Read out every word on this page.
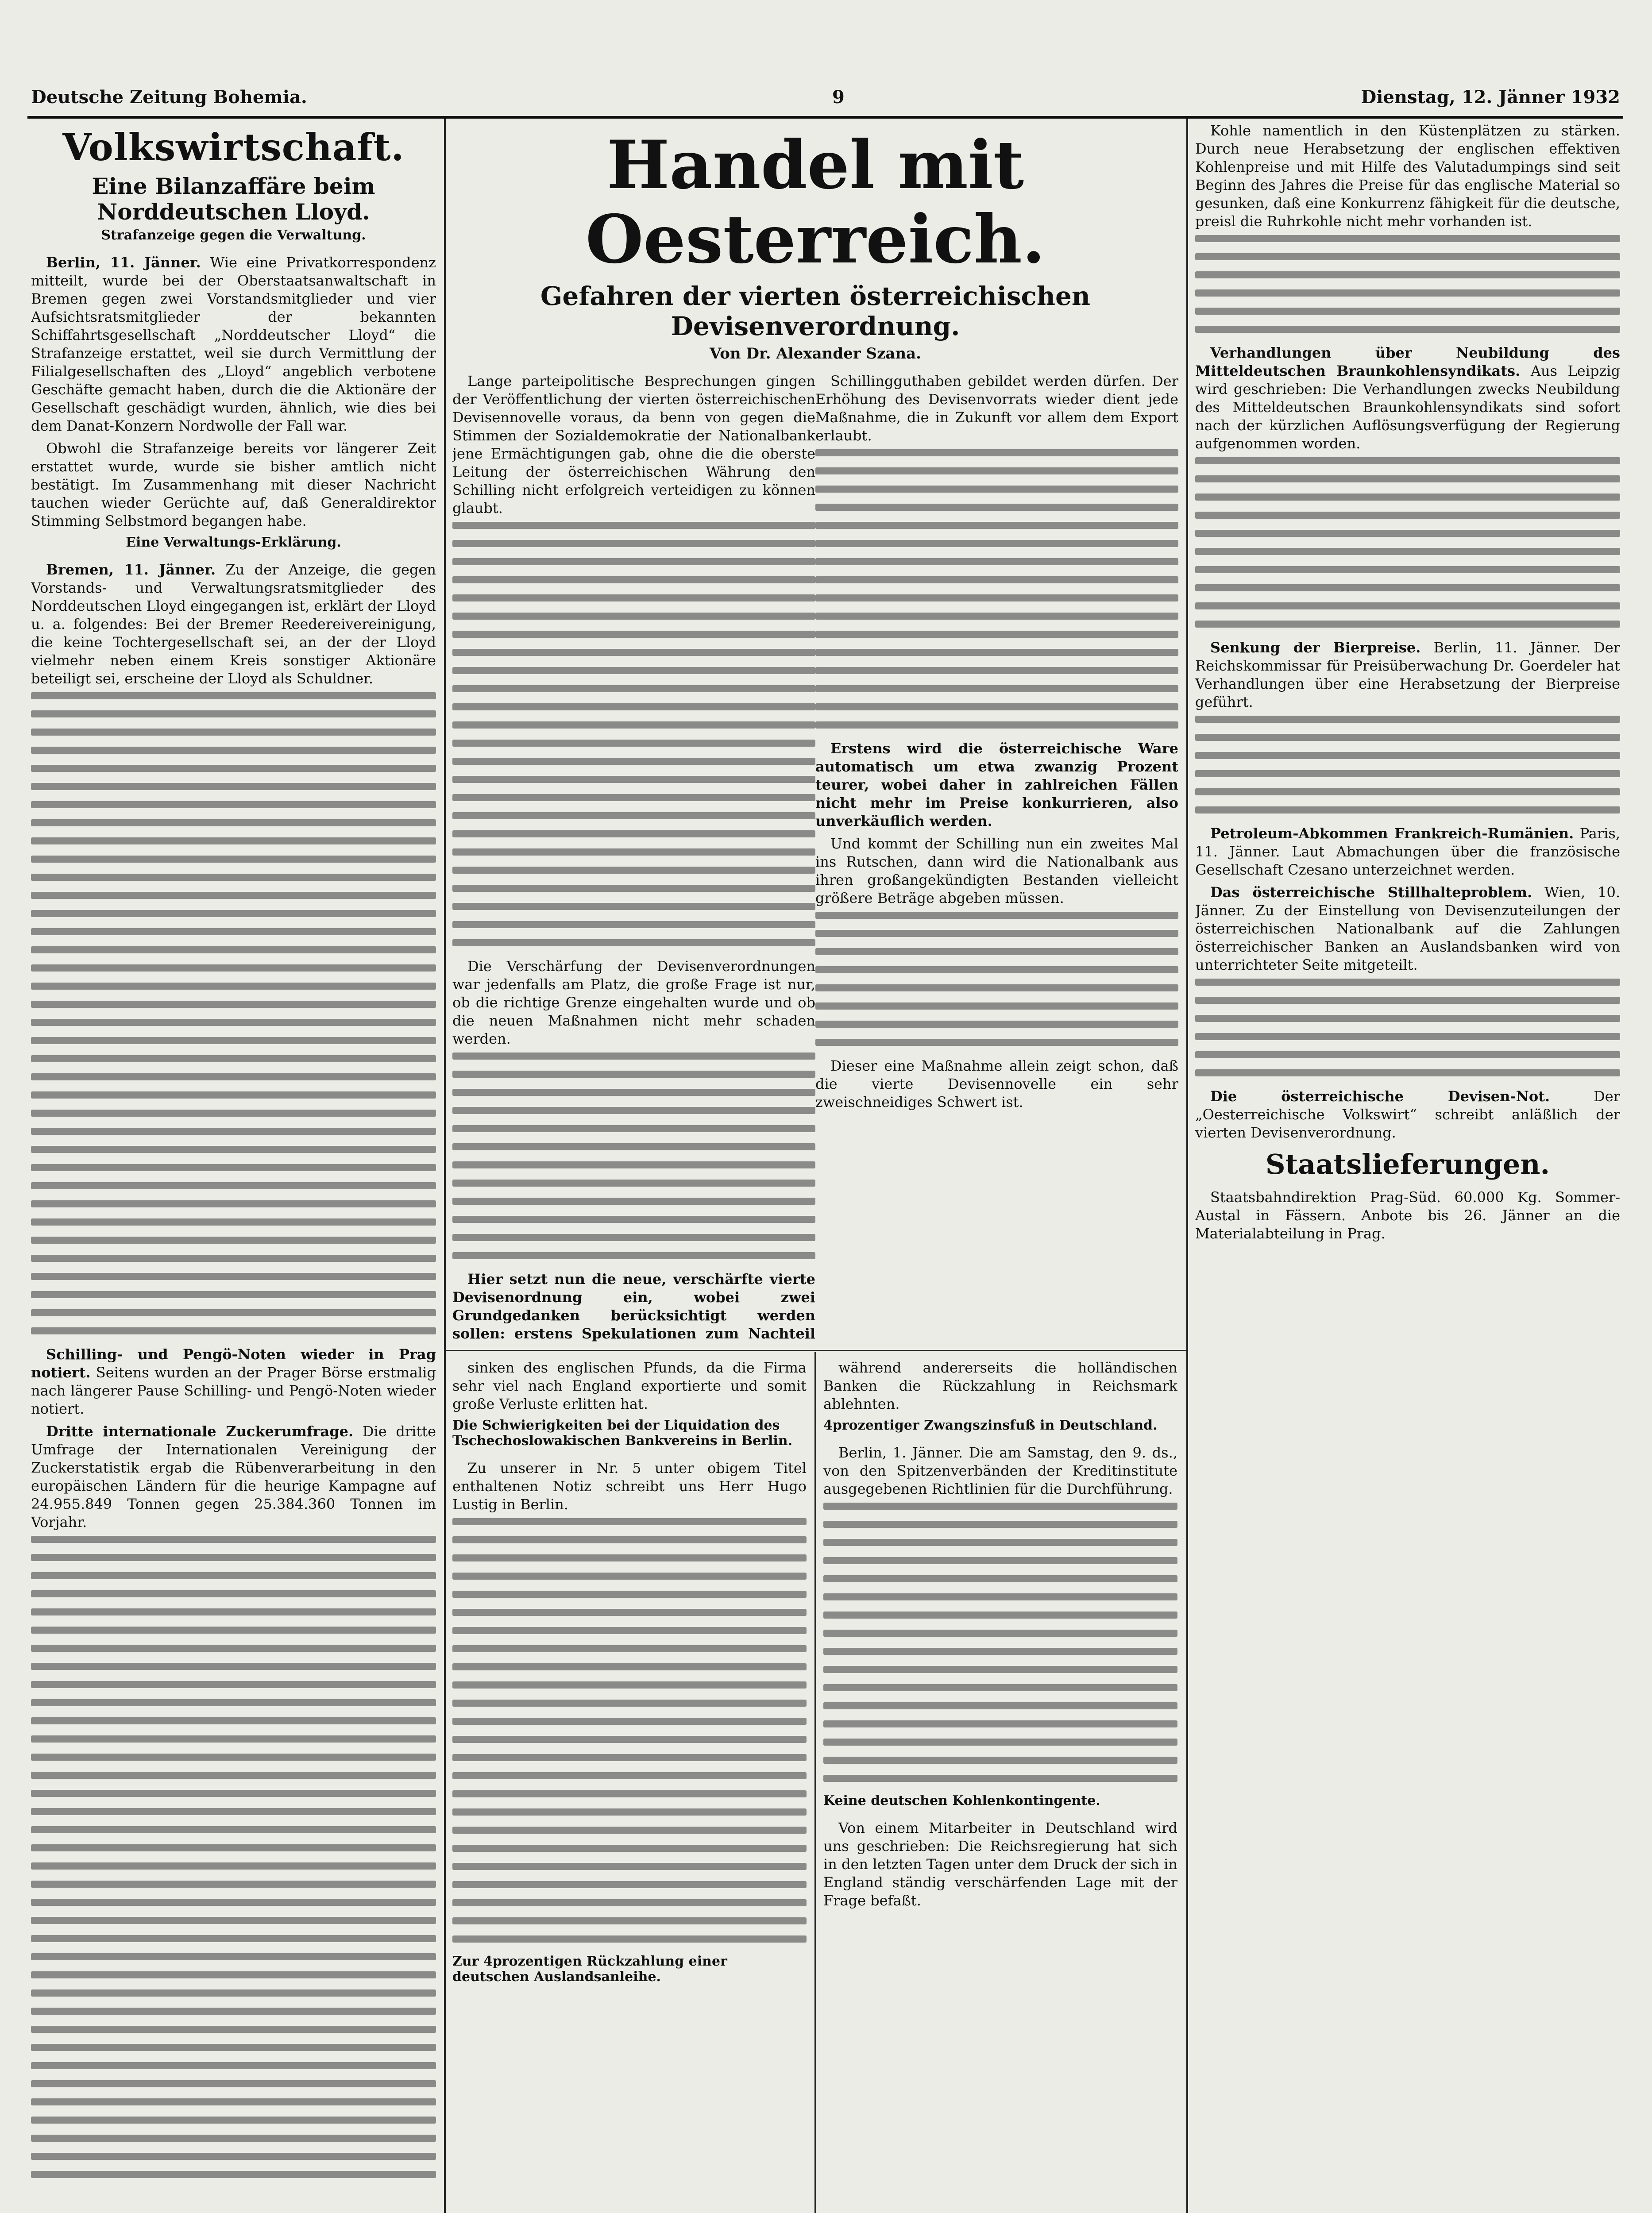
Deutsche Zeitung Bohemia.	9	Dienstag, 12. Jänner 1932
Volkswirtschaft.
Eine Bilanzaffäre beim Norddeutschen Lloyd.
Strafanzeige gegen die Verwaltung.

Berlin, 11. Jänner. Wie eine Privatkorrespondenz mitteilt, wurde bei der Oberstaatsanwaltschaft in Bremen gegen zwei Vorstandsmitglieder und vier Aufsichtsratsmitglieder der bekannten Schiffahrtsgesellschaft „Norddeutscher Lloyd“ die Strafanzeige erstattet, weil sie durch Vermittlung der Filialgesellschaften des „Lloyd“ angeblich verbotene Geschäfte gemacht haben, durch die die Aktionäre der Gesellschaft geschädigt wurden, ähnlich, wie dies bei dem Danat-Konzern Nordwolle der Fall war.

Obwohl die Strafanzeige bereits vor längerer Zeit erstattet wurde, wurde sie bisher amtlich nicht bestätigt. Im Zusammenhang mit dieser Nachricht tauchen wieder Gerüchte auf, daß Generaldirektor Stimming Selbstmord begangen habe.

Eine Verwaltungs-Erklärung.

Bremen, 11. Jänner. Zu der Anzeige, die gegen Vorstands- und Verwaltungsratsmitglieder des Norddeutschen Lloyd eingegangen ist, erklärt der Lloyd u. a. folgendes: Bei der Bremer Reedereivereinigung, die keine Tochtergesellschaft sei, an der der Lloyd vielmehr neben einem Kreis sonstiger Aktionäre beteiligt sei, erscheine der Lloyd als Schuldner.

Schilling- und Pengö-Noten wieder in Prag notiert. Seitens wurden an der Prager Börse erstmalig nach längerer Pause Schilling- und Pengö-Noten wieder notiert.

Dritte internationale Zuckerumfrage. Die dritte Umfrage der Internationalen Vereinigung der Zuckerstatistik ergab die Rübenverarbeitung in den europäischen Ländern für die heurige Kampagne auf 24.955.849 Tonnen gegen 25.384.360 Tonnen im Vorjahr.

Handel mit Oesterreich.
Gefahren der vierten österreichischen Devisenverordnung.
Von Dr. Alexander Szana.

Lange parteipolitische Besprechungen gingen der Veröffentlichung der vierten österreichischen Devisennovelle voraus, da benn von gegen die Stimmen der Sozialdemokratie der Nationalbank jene Ermächtigungen gab, ohne die die oberste Leitung der österreichischen Währung den Schilling nicht erfolgreich verteidigen zu können glaubt.

Die Verschärfung der Devisenverordnungen war jedenfalls am Platz, die große Frage ist nur, ob die richtige Grenze eingehalten wurde und ob die neuen Maßnahmen nicht mehr schaden werden.

Hier setzt nun die neue, verschärfte vierte Devisenordnung ein, wobei zwei Grundgedanken berücksichtigt werden sollen: erstens Spekulationen zum Nachteil

Schillingguthaben gebildet werden dürfen. Der Erhöhung des Devisenvorrats wieder dient jede Maßnahme, die in Zukunft vor allem dem Export erlaubt.

Erstens wird die österreichische Ware automatisch um etwa zwanzig Prozent teurer, wobei daher in zahlreichen Fällen nicht mehr im Preise konkurrieren, also unverkäuflich werden.

Und kommt der Schilling nun ein zweites Mal ins Rutschen, dann wird die Nationalbank aus ihren großangekündigten Bestanden vielleicht größere Beträge abgeben müssen.

Dieser eine Maßnahme allein zeigt schon, daß die vierte Devisennovelle ein sehr zweischneidiges Schwert ist.

sinken des englischen Pfunds, da die Firma sehr viel nach England exportierte und somit große Verluste erlitten hat.

Die Schwierigkeiten bei der Liquidation des Tschechoslowakischen Bankvereins in Berlin.

Zu unserer in Nr. 5 unter obigem Titel enthaltenen Notiz schreibt uns Herr Hugo Lustig in Berlin.

Zur 4prozentigen Rückzahlung einer deutschen Auslandsanleihe.

während andererseits die holländischen Banken die Rückzahlung in Reichsmark ablehnten.

4prozentiger Zwangszinsfuß in Deutschland.

Berlin, 1. Jänner. Die am Samstag, den 9. ds., von den Spitzenverbänden der Kreditinstitute ausgegebenen Richtlinien für die Durchführung.

Keine deutschen Kohlenkontingente.

Von einem Mitarbeiter in Deutschland wird uns geschrieben: Die Reichsregierung hat sich in den letzten Tagen unter dem Druck der sich in England ständig verschärfenden Lage mit der Frage befaßt.

Kohle namentlich in den Küstenplätzen zu stärken. Durch neue Herabsetzung der englischen effektiven Kohlenpreise und mit Hilfe des Valutadumpings sind seit Beginn des Jahres die Preise für das englische Material so gesunken, daß eine Konkurrenz fähigkeit für die deutsche, preisl die Ruhrkohle nicht mehr vorhanden ist.

Verhandlungen über Neubildung des Mitteldeutschen Braunkohlensyndikats. Aus Leipzig wird geschrieben: Die Verhandlungen zwecks Neubildung des Mitteldeutschen Braunkohlensyndikats sind sofort nach der kürzlichen Auflösungsverfügung der Regierung aufgenommen worden.

Senkung der Bierpreise. Berlin, 11. Jänner. Der Reichskommissar für Preisüberwachung Dr. Goerdeler hat Verhandlungen über eine Herabsetzung der Bierpreise geführt.

Petroleum-Abkommen Frankreich-Rumänien. Paris, 11. Jänner. Laut Abmachungen über die französische Gesellschaft Czesano unterzeichnet werden.

Das österreichische Stillhalteproblem. Wien, 10. Jänner. Zu der Einstellung von Devisenzuteilungen der österreichischen Nationalbank auf die Zahlungen österreichischer Banken an Auslandsbanken wird von unterrichteter Seite mitgeteilt.

Die österreichische Devisen-Not.	Der „Oesterreichische Volkswirt“ schreibt anläßlich der vierten Devisenverordnung.

Staatslieferungen.

Staatsbahndirektion Prag-Süd. 60.000 Kg. Sommer-Austal in Fässern. Anbote bis 26. Jänner an die Materialabteilung in Prag.
